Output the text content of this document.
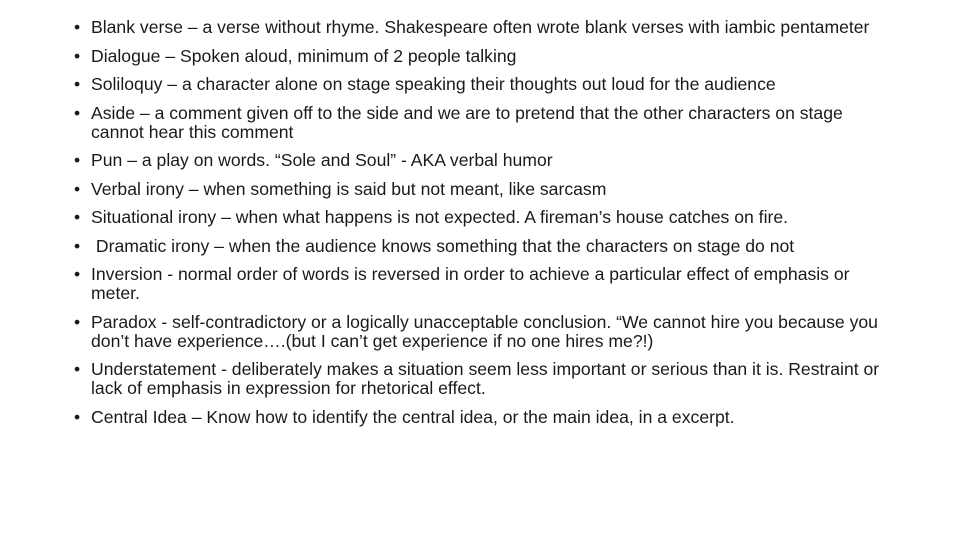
• Blank verse – a verse without rhyme. Shakespeare often wrote blank verses with iambic pentameter
• Dialogue – Spoken aloud, minimum of 2 people talking
• Soliloquy – a character alone on stage speaking their thoughts out loud for the audience
• Aside – a comment given off to the side and we are to pretend that the other characters on stage cannot hear this comment
• Pun – a play on words. “Sole and Soul” - AKA verbal humor
• Verbal irony – when something is said but not meant, like sarcasm
• Situational irony – when what happens is not expected. A fireman’s house catches on fire.
• Dramatic irony – when the audience knows something that the characters on stage do not
• Inversion - normal order of words is reversed in order to achieve a particular effect of emphasis or meter.
• Paradox - self-contradictory or a logically unacceptable conclusion. “We cannot hire you because you don’t have experience….(but I can’t get experience if no one hires me?!)
• Understatement - deliberately makes a situation seem less important or serious than it is. Restraint or lack of emphasis in expression for rhetorical effect.
• Central Idea – Know how to identify the central idea, or the main idea, in a excerpt.
